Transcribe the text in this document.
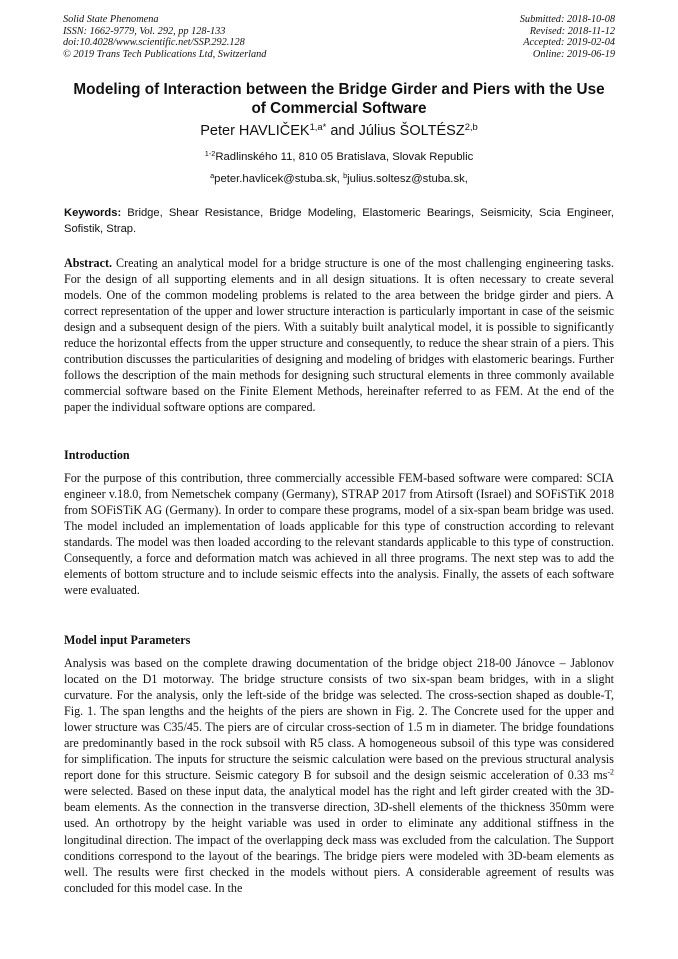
Solid State Phenomena
ISSN: 1662-9779, Vol. 292, pp 128-133
doi:10.4028/www.scientific.net/SSP.292.128
© 2019 Trans Tech Publications Ltd, Switzerland
Submitted: 2018-10-08
Revised: 2018-11-12
Accepted: 2019-02-04
Online: 2019-06-19
Modeling of Interaction between the Bridge Girder and Piers with the Use of Commercial Software
Peter $HAVLIČEK^{1,a*}$ and Július ŠOLTÉSZ$^{2,b}$
$^{1-2}$Radlinského 11, 810 05 Bratislava, Slovak Republic
$^a$peter.havlicek@stuba.sk, $^b$julius.soltesz@stuba.sk,
Keywords: Bridge, Shear Resistance, Bridge Modeling, Elastomeric Bearings, Seismicity, Scia Engineer, Sofistik, Strap.
Abstract. Creating an analytical model for a bridge structure is one of the most challenging engineering tasks. For the design of all supporting elements and in all design situations. It is often necessary to create several models. One of the common modeling problems is related to the area between the bridge girder and piers. A correct representation of the upper and lower structure interaction is particularly important in case of the seismic design and a subsequent design of the piers. With a suitably built analytical model, it is possible to significantly reduce the horizontal effects from the upper structure and consequently, to reduce the shear strain of a piers. This contribution discusses the particularities of designing and modeling of bridges with elastomeric bearings. Further follows the description of the main methods for designing such structural elements in three commonly available commercial software based on the Finite Element Methods, hereinafter referred to as FEM. At the end of the paper the individual software options are compared.
Introduction
For the purpose of this contribution, three commercially accessible FEM-based software were compared: SCIA engineer v.18.0, from Nemetschek company (Germany), STRAP 2017 from Atirsoft (Israel) and SOFiSTiK 2018 from SOFiSTiK AG (Germany). In order to compare these programs, model of a six-span beam bridge was used. The model included an implementation of loads applicable for this type of construction according to relevant standards. The model was then loaded according to the relevant standards applicable to this type of construction. Consequently, a force and deformation match was achieved in all three programs. The next step was to add the elements of bottom structure and to include seismic effects into the analysis. Finally, the assets of each software were evaluated.
Model input Parameters
Analysis was based on the complete drawing documentation of the bridge object 218-00 Jánovce – Jablonov located on the D1 motorway. The bridge structure consists of two six-span beam bridges, with in a slight curvature. For the analysis, only the left-side of the bridge was selected. The cross-section shaped as double-T, Fig. 1. The span lengths and the heights of the piers are shown in Fig. 2. The Concrete used for the upper and lower structure was C35/45. The piers are of circular cross-section of 1.5 m in diameter. The bridge foundations are predominantly based in the rock subsoil with R5 class. A homogeneous subsoil of this type was considered for simplification. The inputs for structure the seismic calculation were based on the previous structural analysis report done for this structure. Seismic category B for subsoil and the design seismic acceleration of 0.33 $ms^{-2}$ were selected. Based on these input data, the analytical model has the right and left girder created with the 3D-beam elements. As the connection in the transverse direction, 3D-shell elements of the thickness 350mm were used. An orthotropy by the height variable was used in order to eliminate any additional stiffness in the longitudinal direction. The impact of the overlapping deck mass was excluded from the calculation. The Support conditions correspond to the layout of the bearings. The bridge piers were modeled with 3D-beam elements as well. The results were first checked in the models without piers. A considerable agreement of results was concluded for this model case. In the
